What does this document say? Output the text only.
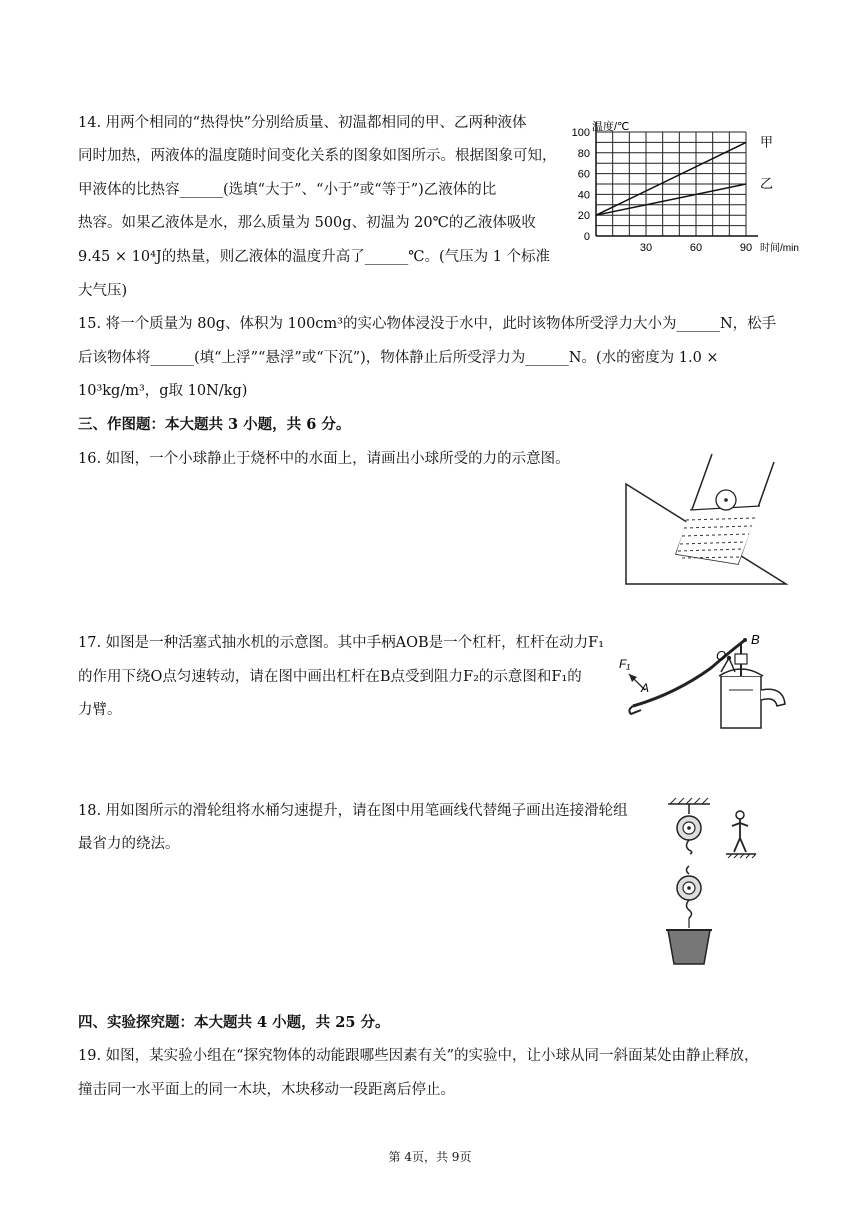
14. 用两个相同的“热得快”分别给质量、初温都相同的甲、乙两种液体
同时加热，两液体的温度随时间变化关系的图象如图所示。根据图象可知，
甲液体的比热容______(选填“大于”、“小于”或“等于”)乙液体的比
热容。如果乙液体是水，那么质量为 500g、初温为 20℃的乙液体吸收
9.45 × 10⁴J的热量，则乙液体的温度升高了______℃。(气压为 1 个标准
大气压)
0
20
40
60
80
100
30	60	90
温度/℃
时间/min
甲
乙
15. 将一个质量为 80g、体积为 100cm³的实心物体浸没于水中，此时该物体所受浮力大小为______N，松手
后该物体将______(填“上浮”“悬浮”或“下沉”)，物体静止后所受浮力为______N。(水的密度为 1.0 ×
10³kg/m³，g取 10N/kg)
三、作图题：本大题共 3 小题，共 6 分。
16. 如图，一个小球静止于烧杯中的水面上，请画出小球所受的力的示意图。
17. 如图是一种活塞式抽水机的示意图。其中手柄AOB是一个杠杆，杠杆在动力F₁
的作用下绕O点匀速转动，请在图中画出杠杆在B点受到阻力F₂的示意图和F₁的
力臂。
B
O
F₁
A
18. 用如图所示的滑轮组将水桶匀速提升，请在图中用笔画线代替绳子画出连接滑轮组
最省力的绕法。
四、实验探究题：本大题共 4 小题，共 25 分。
19. 如图，某实验小组在“探究物体的动能跟哪些因素有关”的实验中，让小球从同一斜面某处由静止释放，
撞击同一水平面上的同一木块，木块移动一段距离后停止。
第 4页，共 9页
